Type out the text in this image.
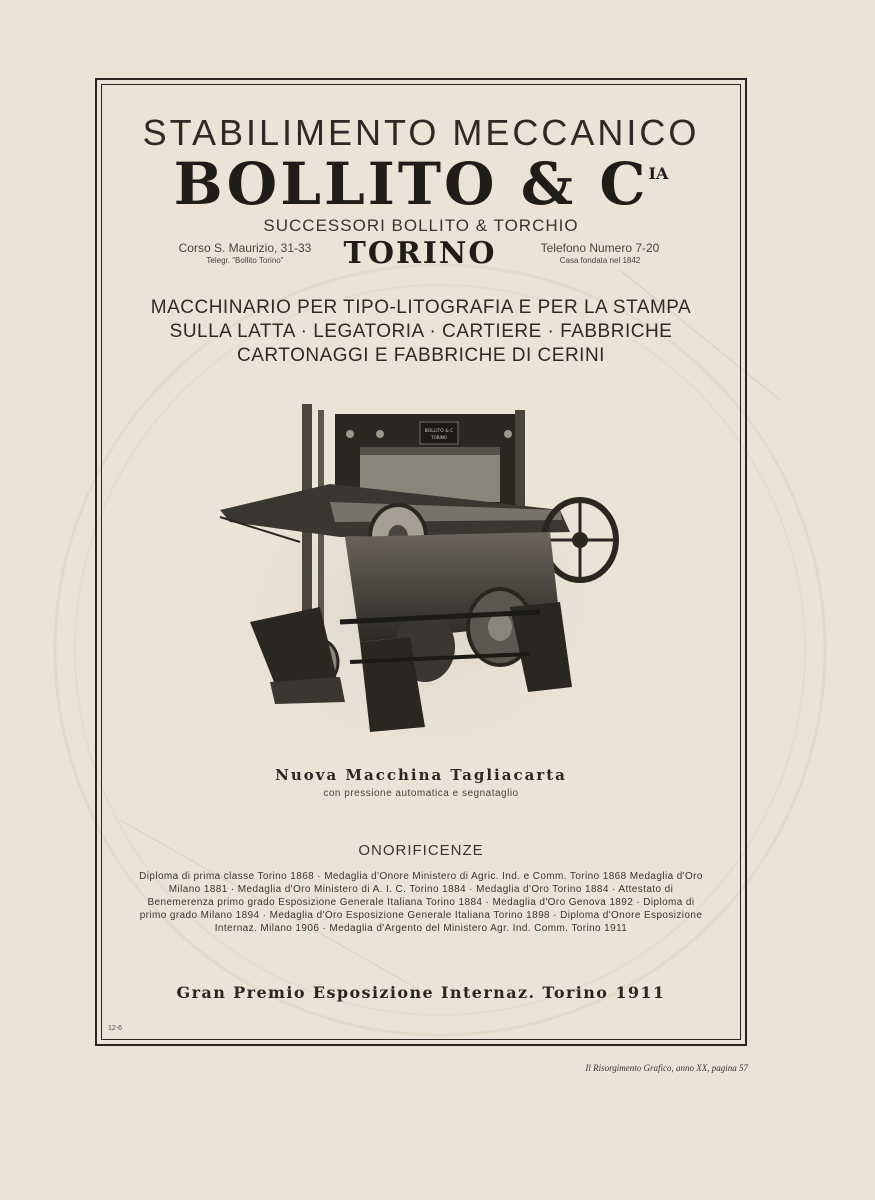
STABILIMENTO MECCANICO
BOLLITO & $C^{IA}$
SUCCESSORI BOLLITO & TORCHIO
Corso S. Maurizio, 31-33
Telegr. "Bollito Torino"	TORINO	Telefono Numero 7-20
Casa fondata nel 1842
MACCHINARIO PER TIPO-LITOGRAFIA E PER LA STAMPA SULLA LATTA · LEGATORIA · CARTIERE · FABBRICHE CARTONAGGI E FABBRICHE DI CERINI
BOLLITO & C
TORINO
Nuova Macchina Tagliacarta
con pressione automatica e segnataglio
ONORIFICENZE
Diploma di prima classe Torino 1868 · Medaglia d'Onore Ministero di Agric. Ind. e Comm. Torino 1868 Medaglia d'Oro Milano 1881 · Medaglia d'Oro Ministero di A. I. C. Torino 1884 · Medaglia d'Oro Torino 1884 · Attestato di Benemerenza primo grado Esposizione Generale Italiana Torino 1884 · Medaglia d'Oro Genova 1892 · Diploma di primo grado Milano 1894 · Medaglia d'Oro Esposizione Generale Italiana Torino 1898 · Diploma d'Onore Esposizione Internaz. Milano 1906 · Medaglia d'Argento del Ministero Agr. Ind. Comm. Torino 1911
Gran Premio Esposizione Internaz. Torino 1911
12-6
Il Risorgimento Grafico, anno XX, pagina 57
